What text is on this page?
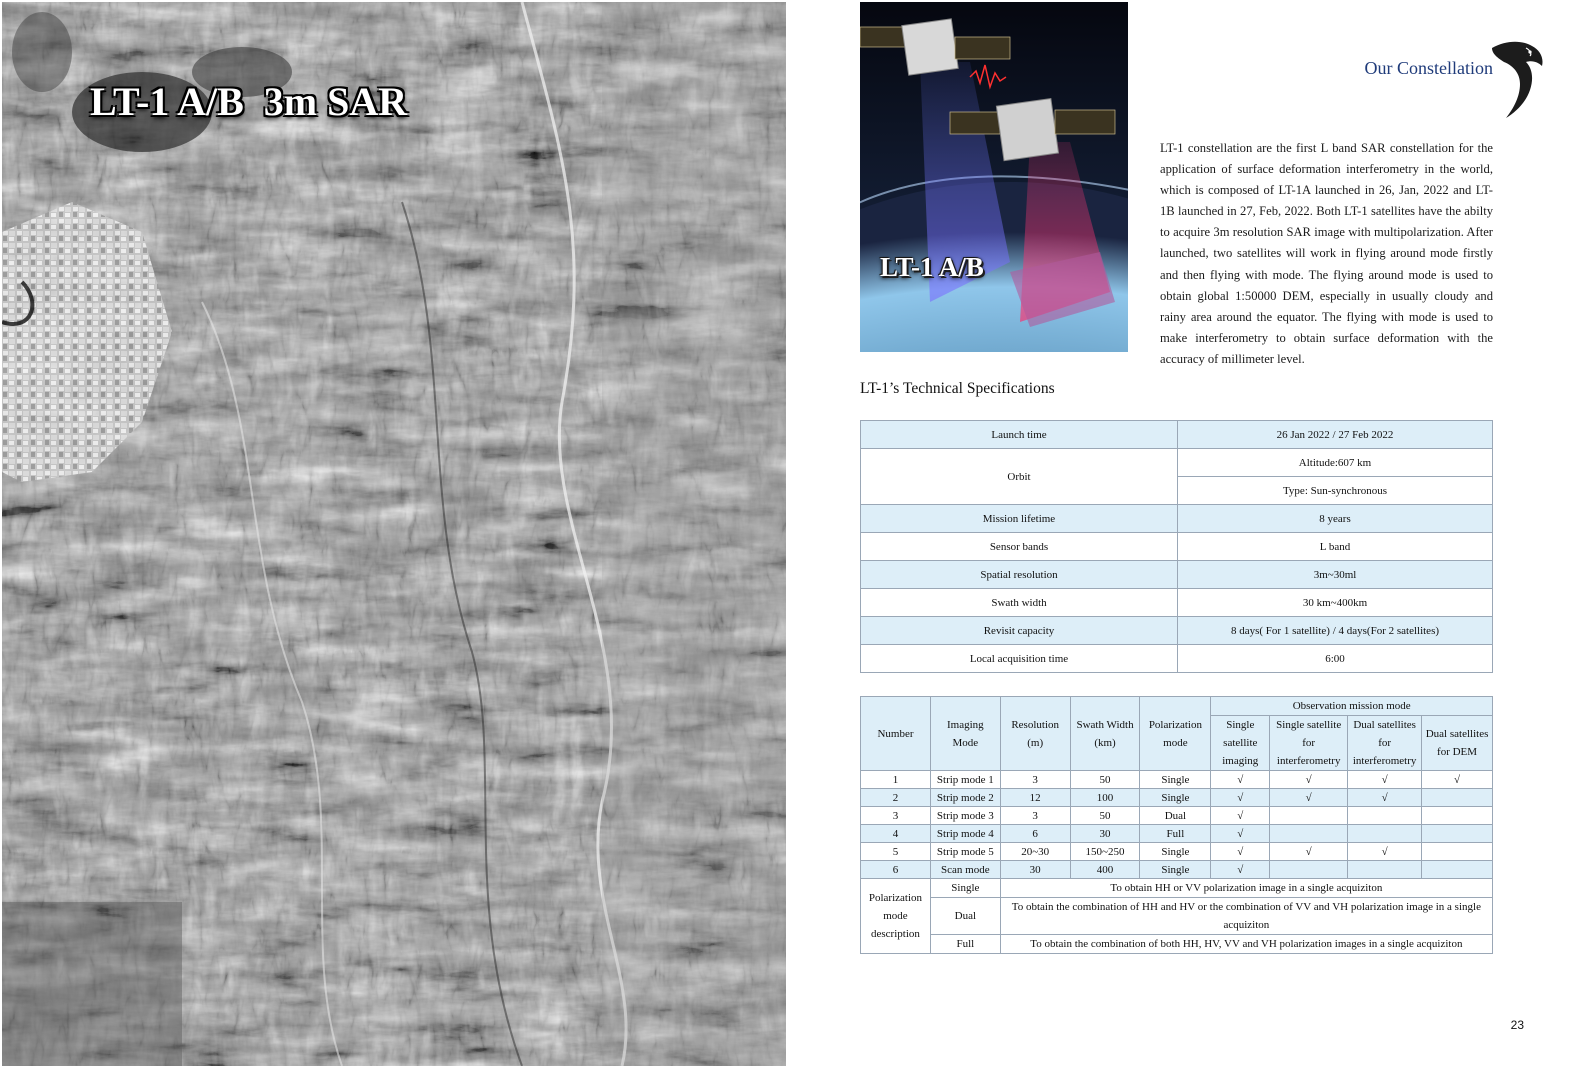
LT-1 A/B  3m SAR
LT-1 A/B
Our Constellation
LT-1 constellation are the first L band SAR constellation for the application of surface deformation interferometry in the world, which is composed of LT-1A launched in 26, Jan, 2022 and LT-1B launched in 27, Feb, 2022. Both LT-1 satellites have the abilty to acquire 3m resolution SAR image with multipolarization. After launched, two satellites will work in flying around mode firstly and then flying with mode. The flying around mode is used to obtain global 1:50000 DEM, especially in usually cloudy and rainy area around the equator. The flying with mode is used to make interferometry to obtain surface deformation with the accuracy of millimeter level.
LT-1’s Technical Specifications
Launch time	26 Jan 2022 / 27 Feb 2022
Orbit	Altitude:607 km
	Type: Sun-synchronous
Mission lifetime	8 years
Sensor bands	L band
Spatial resolution	3m~30ml
Swath width	30 km~400km
Revisit capacity	8 days( For 1 satellite) / 4 days(For 2 satellites)
Local acquisition time	6:00
Number	Imaging Mode	Resolution (m)	Swath Width (km)	Polarization mode	Observation mission mode			
					Single satellite imaging	Single satellite for interferometry	Dual satellites for interferometry	Dual satellites for DEM
1	Strip mode 1	3	50	Single	√	√	√	√
2	Strip mode 2	12	100	Single	√	√	√	
3	Strip mode 3	3	50	Dual	√			
4	Strip mode 4	6	30	Full	√			
5	Strip mode 5	20~30	150~250	Single	√	√	√	
6	Scan mode	30	400	Single	√			
Polarization mode description	Single	To obtain HH or VV polarization image in a single acquiziton						
	Dual	To obtain the combination of HH and HV or the combination of VV and VH polarization image in a single acquiziton						
	Full	To obtain the combination of both HH, HV, VV and VH polarization images in a single acquiziton						
23
